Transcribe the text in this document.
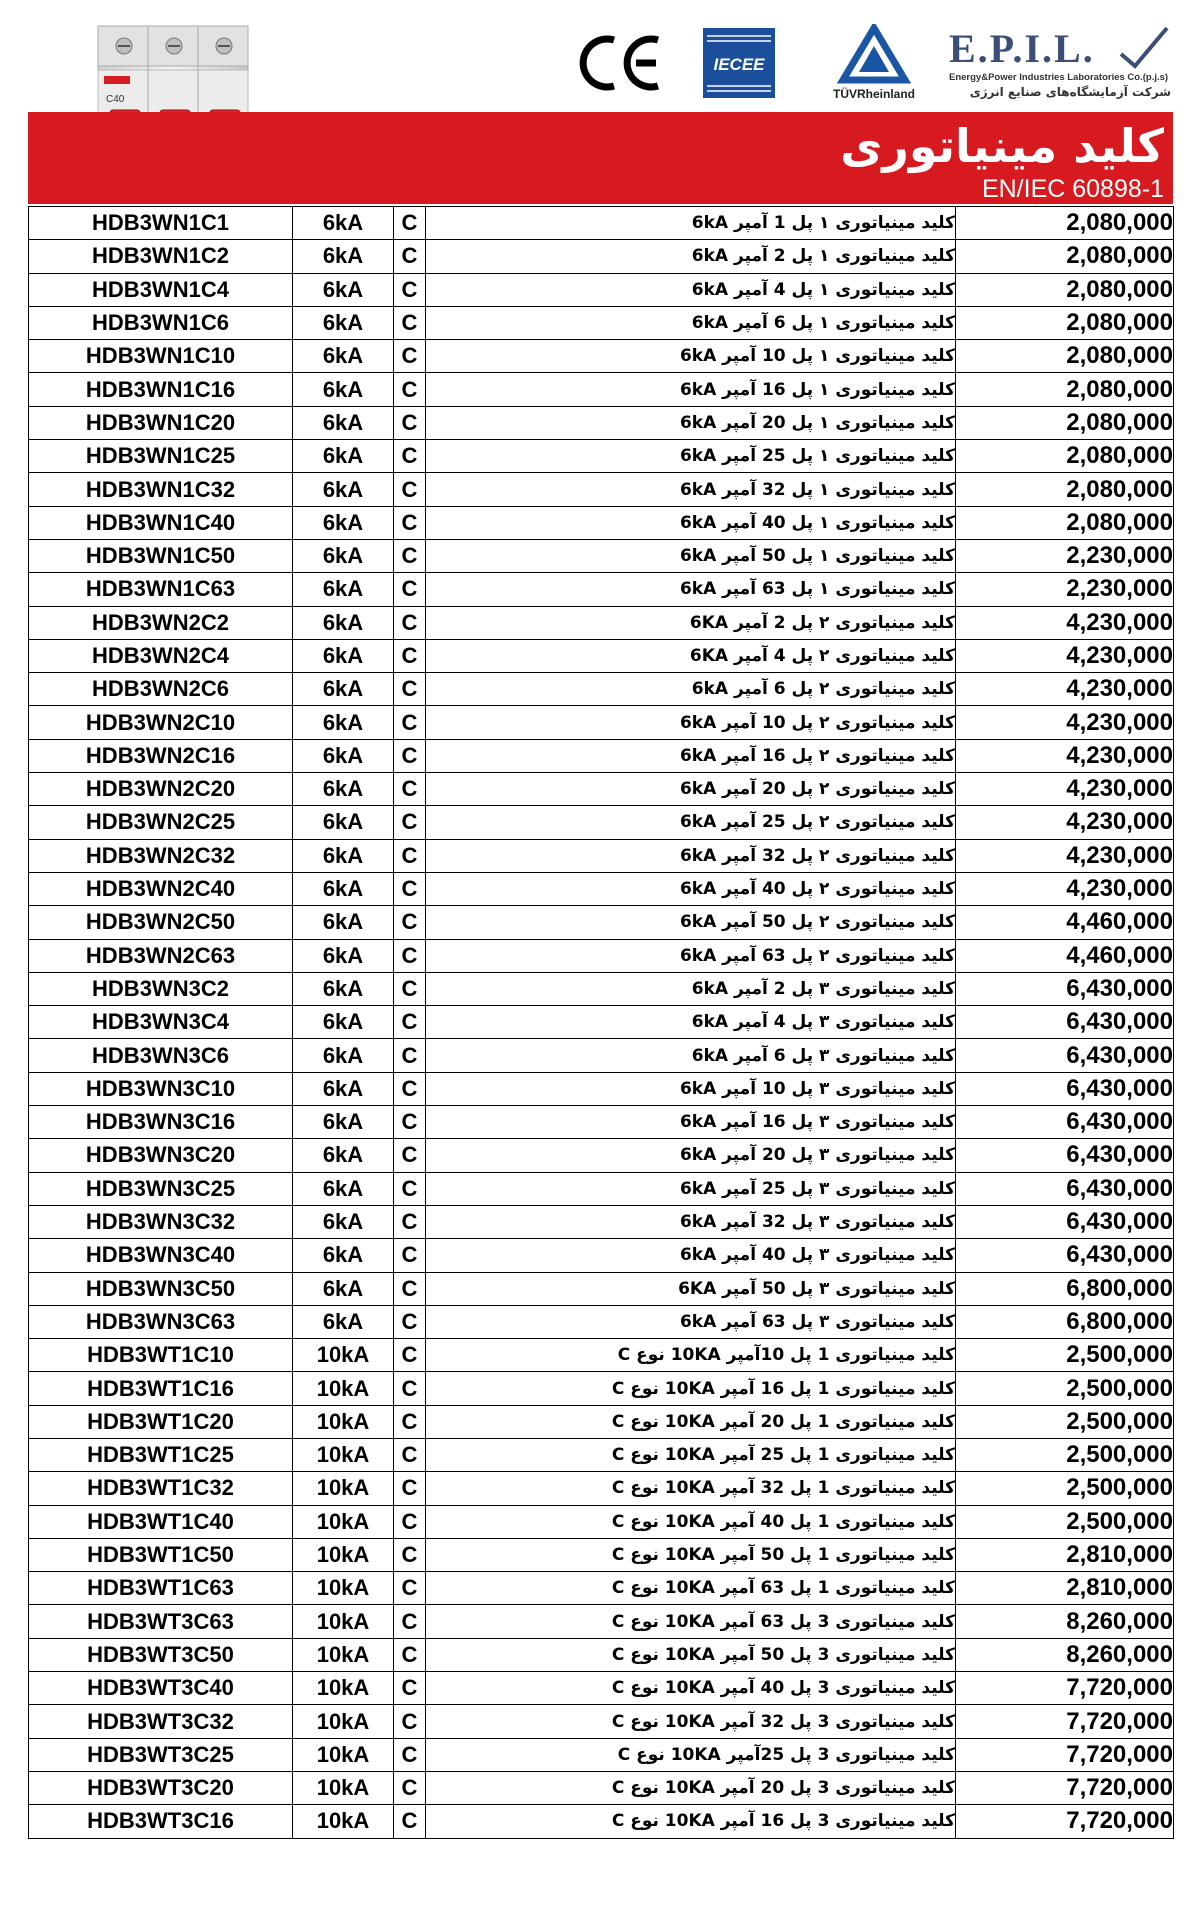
C40
IECEE
TÜVRheinland
E.P.I.L.
Energy&Power Industries Laboratories Co.(p.j.s)
شرکت آزمایشگاه‌های صنایع انرژی
کلید مینیاتوری
EN/IEC 60898-1
HDB3WN1C1	6kA	C	کلید مینیاتوری ۱ پل 1 آمپر 6kA	2,080,000
HDB3WN1C2	6kA	C	کلید مینیاتوری ۱ پل 2 آمپر 6kA	2,080,000
HDB3WN1C4	6kA	C	کلید مینیاتوری ۱ پل 4 آمپر 6kA	2,080,000
HDB3WN1C6	6kA	C	کلید مینیاتوری ۱ پل 6 آمپر 6kA	2,080,000
HDB3WN1C10	6kA	C	کلید مینیاتوری ۱ پل 10 آمپر 6kA	2,080,000
HDB3WN1C16	6kA	C	کلید مینیاتوری ۱ پل 16 آمپر 6kA	2,080,000
HDB3WN1C20	6kA	C	کلید مینیاتوری ۱ پل 20 آمپر 6kA	2,080,000
HDB3WN1C25	6kA	C	کلید مینیاتوری ۱ پل 25 آمپر 6kA	2,080,000
HDB3WN1C32	6kA	C	کلید مینیاتوری ۱ پل 32 آمپر 6kA	2,080,000
HDB3WN1C40	6kA	C	کلید مینیاتوری ۱ پل 40 آمپر 6kA	2,080,000
HDB3WN1C50	6kA	C	کلید مینیاتوری ۱ پل 50 آمپر 6kA	2,230,000
HDB3WN1C63	6kA	C	کلید مینیاتوری ۱ پل 63 آمپر 6kA	2,230,000
HDB3WN2C2	6kA	C	کلید مینیاتوری ۲ پل 2 آمپر 6KA	4,230,000
HDB3WN2C4	6kA	C	کلید مینیاتوری ۲ پل 4 آمپر 6KA	4,230,000
HDB3WN2C6	6kA	C	کلید مینیاتوری ۲ پل 6 آمپر 6kA	4,230,000
HDB3WN2C10	6kA	C	کلید مینیاتوری ۲ پل 10 آمپر 6kA	4,230,000
HDB3WN2C16	6kA	C	کلید مینیاتوری ۲ پل 16 آمپر 6kA	4,230,000
HDB3WN2C20	6kA	C	کلید مینیاتوری ۲ پل 20 آمپر 6kA	4,230,000
HDB3WN2C25	6kA	C	کلید مینیاتوری ۲ پل 25 آمپر 6kA	4,230,000
HDB3WN2C32	6kA	C	کلید مینیاتوری ۲ پل 32 آمپر 6kA	4,230,000
HDB3WN2C40	6kA	C	کلید مینیاتوری ۲ پل 40 آمپر 6kA	4,230,000
HDB3WN2C50	6kA	C	کلید مینیاتوری ۲ پل 50 آمپر 6kA	4,460,000
HDB3WN2C63	6kA	C	کلید مینیاتوری ۲ پل 63 آمپر 6kA	4,460,000
HDB3WN3C2	6kA	C	کلید مینیاتوری ۳ پل 2 آمپر 6kA	6,430,000
HDB3WN3C4	6kA	C	کلید مینیاتوری ۳ پل 4 آمپر 6kA	6,430,000
HDB3WN3C6	6kA	C	کلید مینیاتوری ۳ پل 6 آمپر 6kA	6,430,000
HDB3WN3C10	6kA	C	کلید مینیاتوری ۳ پل 10 آمپر 6kA	6,430,000
HDB3WN3C16	6kA	C	کلید مینیاتوری ۳ پل 16 آمپر 6kA	6,430,000
HDB3WN3C20	6kA	C	کلید مینیاتوری ۳ پل 20 آمپر 6kA	6,430,000
HDB3WN3C25	6kA	C	کلید مینیاتوری ۳ پل 25 آمپر 6kA	6,430,000
HDB3WN3C32	6kA	C	کلید مینیاتوری ۳ پل 32 آمپر 6kA	6,430,000
HDB3WN3C40	6kA	C	کلید مینیاتوری ۳ پل 40 آمپر 6kA	6,430,000
HDB3WN3C50	6kA	C	کلید مینیاتوری ۳ پل 50 آمپر 6KA	6,800,000
HDB3WN3C63	6kA	C	کلید مینیاتوری ۳ پل 63 آمپر 6kA	6,800,000
HDB3WT1C10	10kA	C	کلید مینیاتوری 1 پل 10آمپر 10KA نوع C	2,500,000
HDB3WT1C16	10kA	C	کلید مینیاتوری 1 پل 16 آمپر 10KA نوع C	2,500,000
HDB3WT1C20	10kA	C	کلید مینیاتوری 1 پل 20 آمپر 10KA نوع C	2,500,000
HDB3WT1C25	10kA	C	کلید مینیاتوری 1 پل 25 آمپر 10KA نوع C	2,500,000
HDB3WT1C32	10kA	C	کلید مینیاتوری 1 پل 32 آمپر 10KA نوع C	2,500,000
HDB3WT1C40	10kA	C	کلید مینیاتوری 1 پل 40 آمپر 10KA نوع C	2,500,000
HDB3WT1C50	10kA	C	کلید مینیاتوری 1 پل 50 آمپر 10KA نوع C	2,810,000
HDB3WT1C63	10kA	C	کلید مینیاتوری 1 پل 63 آمپر 10KA نوع C	2,810,000
HDB3WT3C63	10kA	C	کلید مینیاتوری 3 پل 63 آمپر 10KA نوع C	8,260,000
HDB3WT3C50	10kA	C	کلید مینیاتوری 3 پل 50 آمپر 10KA نوع C	8,260,000
HDB3WT3C40	10kA	C	کلید مینیاتوری 3 پل 40 آمپر 10KA نوع C	7,720,000
HDB3WT3C32	10kA	C	کلید مینیاتوری 3 پل 32 آمپر 10KA نوع C	7,720,000
HDB3WT3C25	10kA	C	کلید مینیاتوری 3 پل 25آمپر 10KA نوع C	7,720,000
HDB3WT3C20	10kA	C	کلید مینیاتوری 3 پل 20 آمپر 10KA نوع C	7,720,000
HDB3WT3C16	10kA	C	کلید مینیاتوری 3 پل 16 آمپر 10KA نوع C	7,720,000
